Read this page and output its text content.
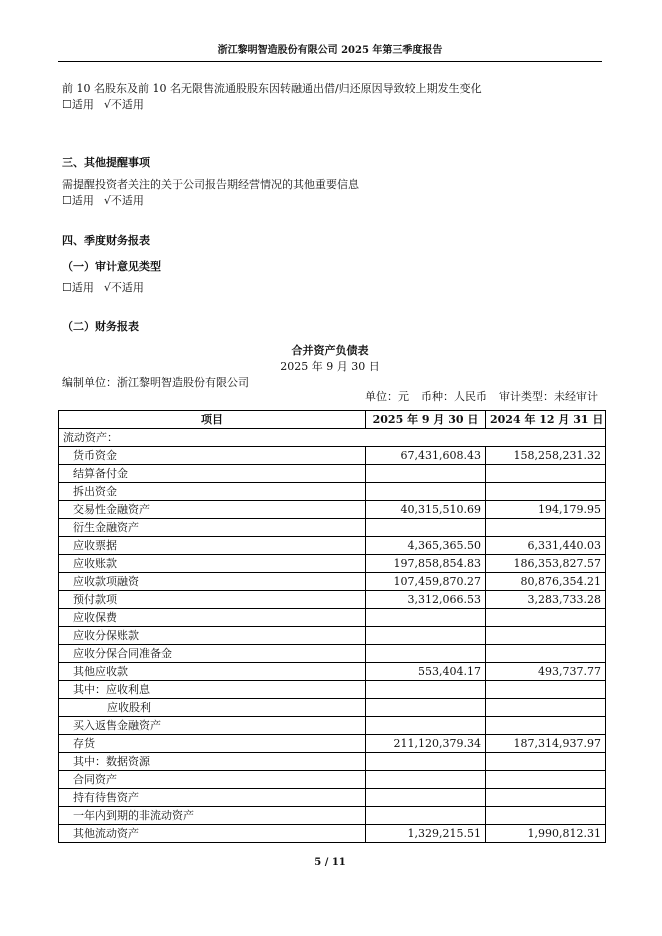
浙江黎明智造股份有限公司 2025 年第三季度报告
前 10 名股东及前 10 名无限售流通股股东因转融通出借/归还原因导致较上期发生变化
☐适用 √不适用
三、其他提醒事项
需提醒投资者关注的关于公司报告期经营情况的其他重要信息
☐适用 √不适用
四、季度财务报表
（一）审计意见类型
☐适用 √不适用
（二）财务报表
合并资产负债表
2025 年 9 月 30 日
编制单位：浙江黎明智造股份有限公司
单位：元 币种：人民币 审计类型：未经审计
项目	2025 年 9 月 30 日	2024 年 12 月 31 日
流动资产：		
货币资金	67,431,608.43	158,258,231.32
结算备付金		
拆出资金		
交易性金融资产	40,315,510.69	194,179.95
衍生金融资产		
应收票据	4,365,365.50	6,331,440.03
应收账款	197,858,854.83	186,353,827.57
应收款项融资	107,459,870.27	80,876,354.21
预付款项	3,312,066.53	3,283,733.28
应收保费		
应收分保账款		
应收分保合同准备金		
其他应收款	553,404.17	493,737.77
其中：应收利息		
应收股利		
买入返售金融资产		
存货	211,120,379.34	187,314,937.97
其中：数据资源		
合同资产		
持有待售资产		
一年内到期的非流动资产		
其他流动资产	1,329,215.51	1,990,812.31
5 / 11
